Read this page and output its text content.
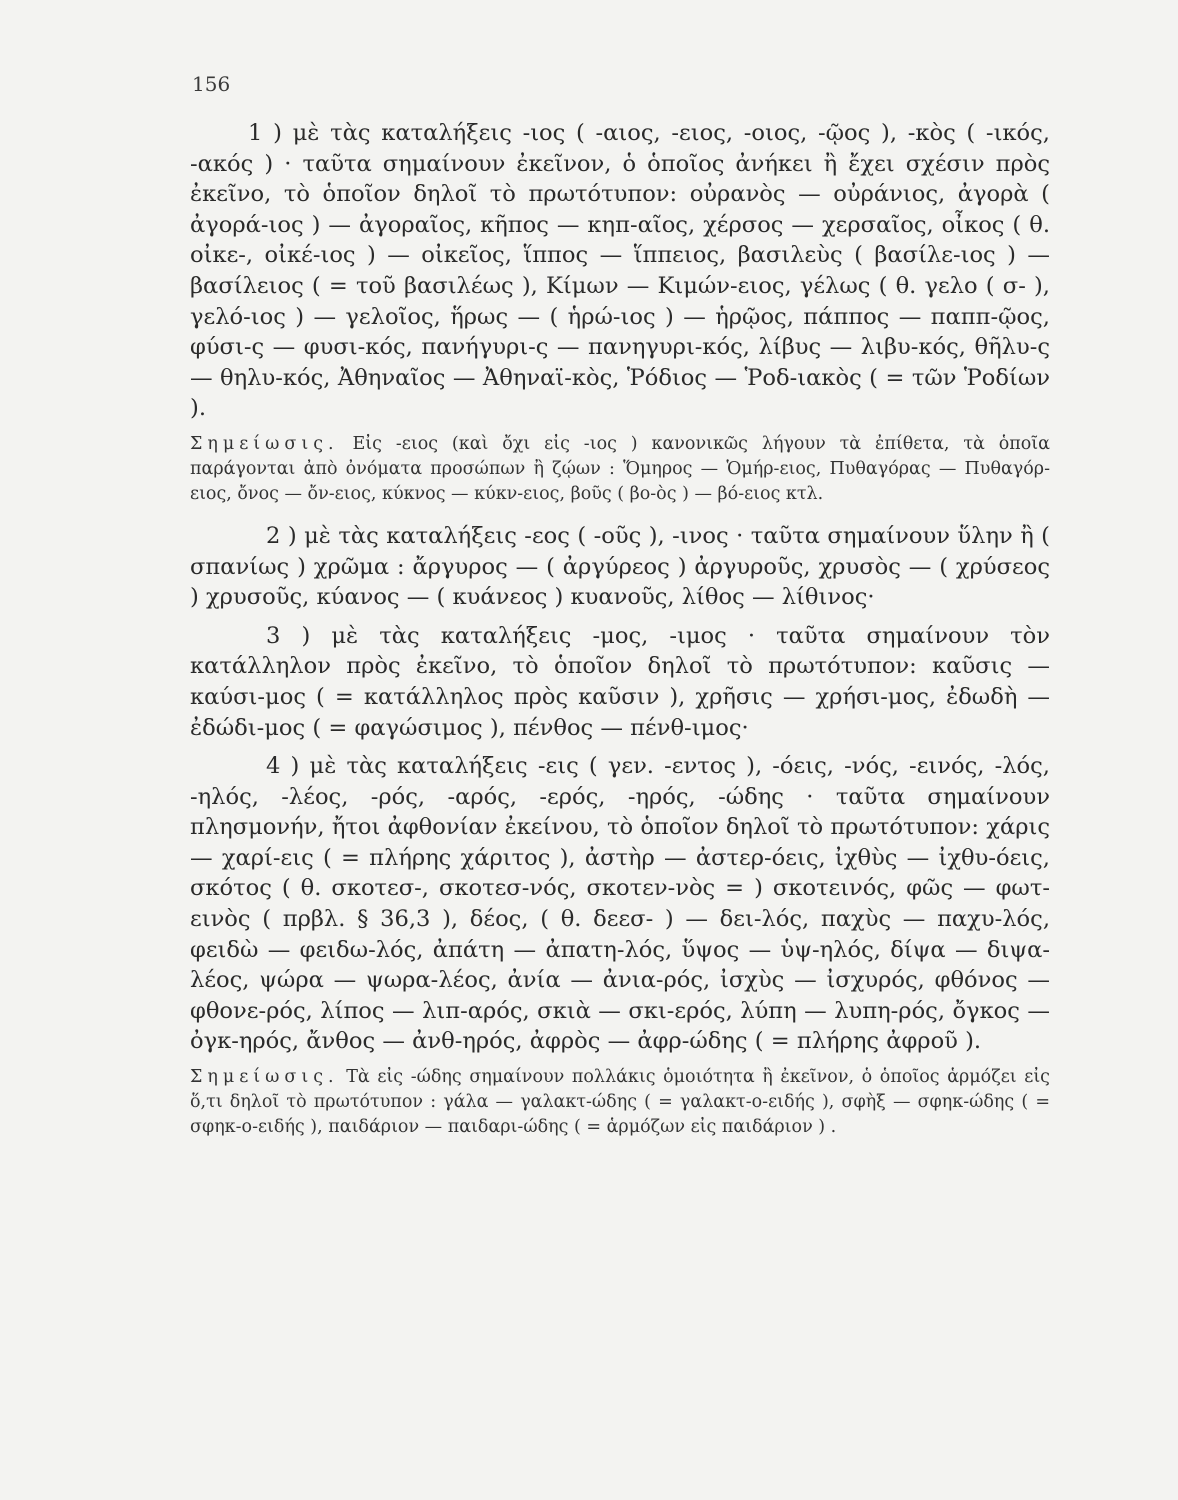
156

1 ) μὲ τὰς καταλήξεις -ιος ( -αιος, -ειος, -οιος, -ῷος ), -κὸς ( -ικός, -ακός ) · ταῦτα σημαίνουν ἐκεῖνον, ὁ ὁποῖος ἀνήκει ἢ ἔχει σχέσιν πρὸς ἐκεῖνο, τὸ ὁποῖον δηλοῖ τὸ πρωτότυπον: οὐρανὸς — οὐράνιος, ἀγορὰ ( ἀγορά-ιος ) — ἀγοραῖος, κῆπος — κηπ-αῖος, χέρσος — χερσαῖος, οἶκος ( θ. οἰκε-, οἰκέ-ιος ) — οἰκεῖος, ἵππος — ἵππειος, βασιλεὺς ( βασίλε-ιος ) — βασίλειος ( = τοῦ βασιλέως ), Κίμων — Κιμών-ειος, γέλως ( θ. γελο ( σ- ), γελό-ιος ) — γελοῖος, ἥρως — ( ἡρώ-ιος ) — ἡρῷος, πάππος — παππ-ῷος, φύσι-ς — φυσι-κός, πανήγυρι-ς — πανηγυρι-κός, λίβυς — λιβυ-κός, θῆλυ-ς — θηλυ-κός, Ἀθηναῖος — Ἀθηναϊ-κὸς, Ῥόδιος — Ῥοδ-ιακὸς ( = τῶν Ῥοδίων ).

Σημείωσις. Εἰς -ειος (καὶ ὄχι εἰς -ιος ) κανονικῶς λήγουν τὰ ἐπίθετα, τὰ ὁποῖα παράγονται ἀπὸ ὀνόματα προσώπων ἢ ζῴων : Ὅμηρος — Ὁμήρ-ειος, Πυθαγόρας — Πυθαγόρ-ειος, ὄνος — ὄν-ειος, κύκνος — κύκν-ειος, βοῦς ( βο-ὸς ) — βό-ειος κτλ.

2 ) μὲ τὰς καταλήξεις -εος ( -οῦς ), -ινος · ταῦτα σημαίνουν ὕλην ἢ ( σπανίως ) χρῶμα : ἄργυρος — ( ἀργύρεος ) ἀργυροῦς, χρυσὸς — ( χρύσεος ) χρυσοῦς, κύανος — ( κυάνεος ) κυανοῦς, λίθος — λίθινος·

3 ) μὲ τὰς καταλήξεις -μος, -ιμος · ταῦτα σημαίνουν τὸν κατάλληλον πρὸς ἐκεῖνο, τὸ ὁποῖον δηλοῖ τὸ πρωτότυπον: καῦσις — καύσι-μος ( = κατάλληλος πρὸς καῦσιν ), χρῆσις — χρήσι-μος, ἐδωδὴ — ἐδώδι-μος ( = φαγώσιμος ), πένθος — πένθ-ιμος·

4 ) μὲ τὰς καταλήξεις -εις ( γεν. -εντος ), -όεις, -νός, -εινός, -λός, -ηλός, -λέος, -ρός, -αρός, -ερός, -ηρός, -ώδης · ταῦτα σημαίνουν πλησμονήν, ἤτοι ἀφθονίαν ἐκείνου, τὸ ὁποῖον δηλοῖ τὸ πρωτότυπον: χάρις — χαρί-εις ( = πλήρης χάριτος ), ἀστὴρ — ἀστερ-όεις, ἰχθὺς — ἰχθυ-όεις, σκότος ( θ. σκοτεσ-, σκοτεσ-νός, σκοτεν-νὸς = ) σκοτεινός, φῶς — φωτ-εινὸς ( πρβλ. § 36,3 ), δέος, ( θ. δεεσ- ) — δει-λός, παχὺς — παχυ-λός, φειδὼ — φειδω-λός, ἀπάτη — ἀπατη-λός, ὕψος — ὑψ-ηλός, δίψα — διψα-λέος, ψώρα — ψωρα-λέος, ἀνία — ἀνια-ρός, ἰσχὺς — ἰσχυρός, φθόνος — φθονε-ρός, λίπος — λιπ-αρός, σκιὰ — σκι-ερός, λύπη — λυπη-ρός, ὄγκος — ὀγκ-ηρός, ἄνθος — ἀνθ-ηρός, ἀφρὸς — ἀφρ-ώδης ( = πλήρης ἀφροῦ ).

Σημείωσις. Τὰ εἰς -ώδης σημαίνουν πολλάκις ὁμοιότητα ἢ ἐκεῖνον, ὁ ὁποῖος ἁρμόζει εἰς ὅ,τι δηλοῖ τὸ πρωτότυπον : γάλα — γαλακτ-ώδης ( = γαλακτ-ο-ειδής ), σφὴξ — σφηκ-ώδης ( = σφηκ-ο-ειδής ), παιδάριον — παιδαρι-ώδης ( = ἁρμόζων εἰς παιδάριον ) .
